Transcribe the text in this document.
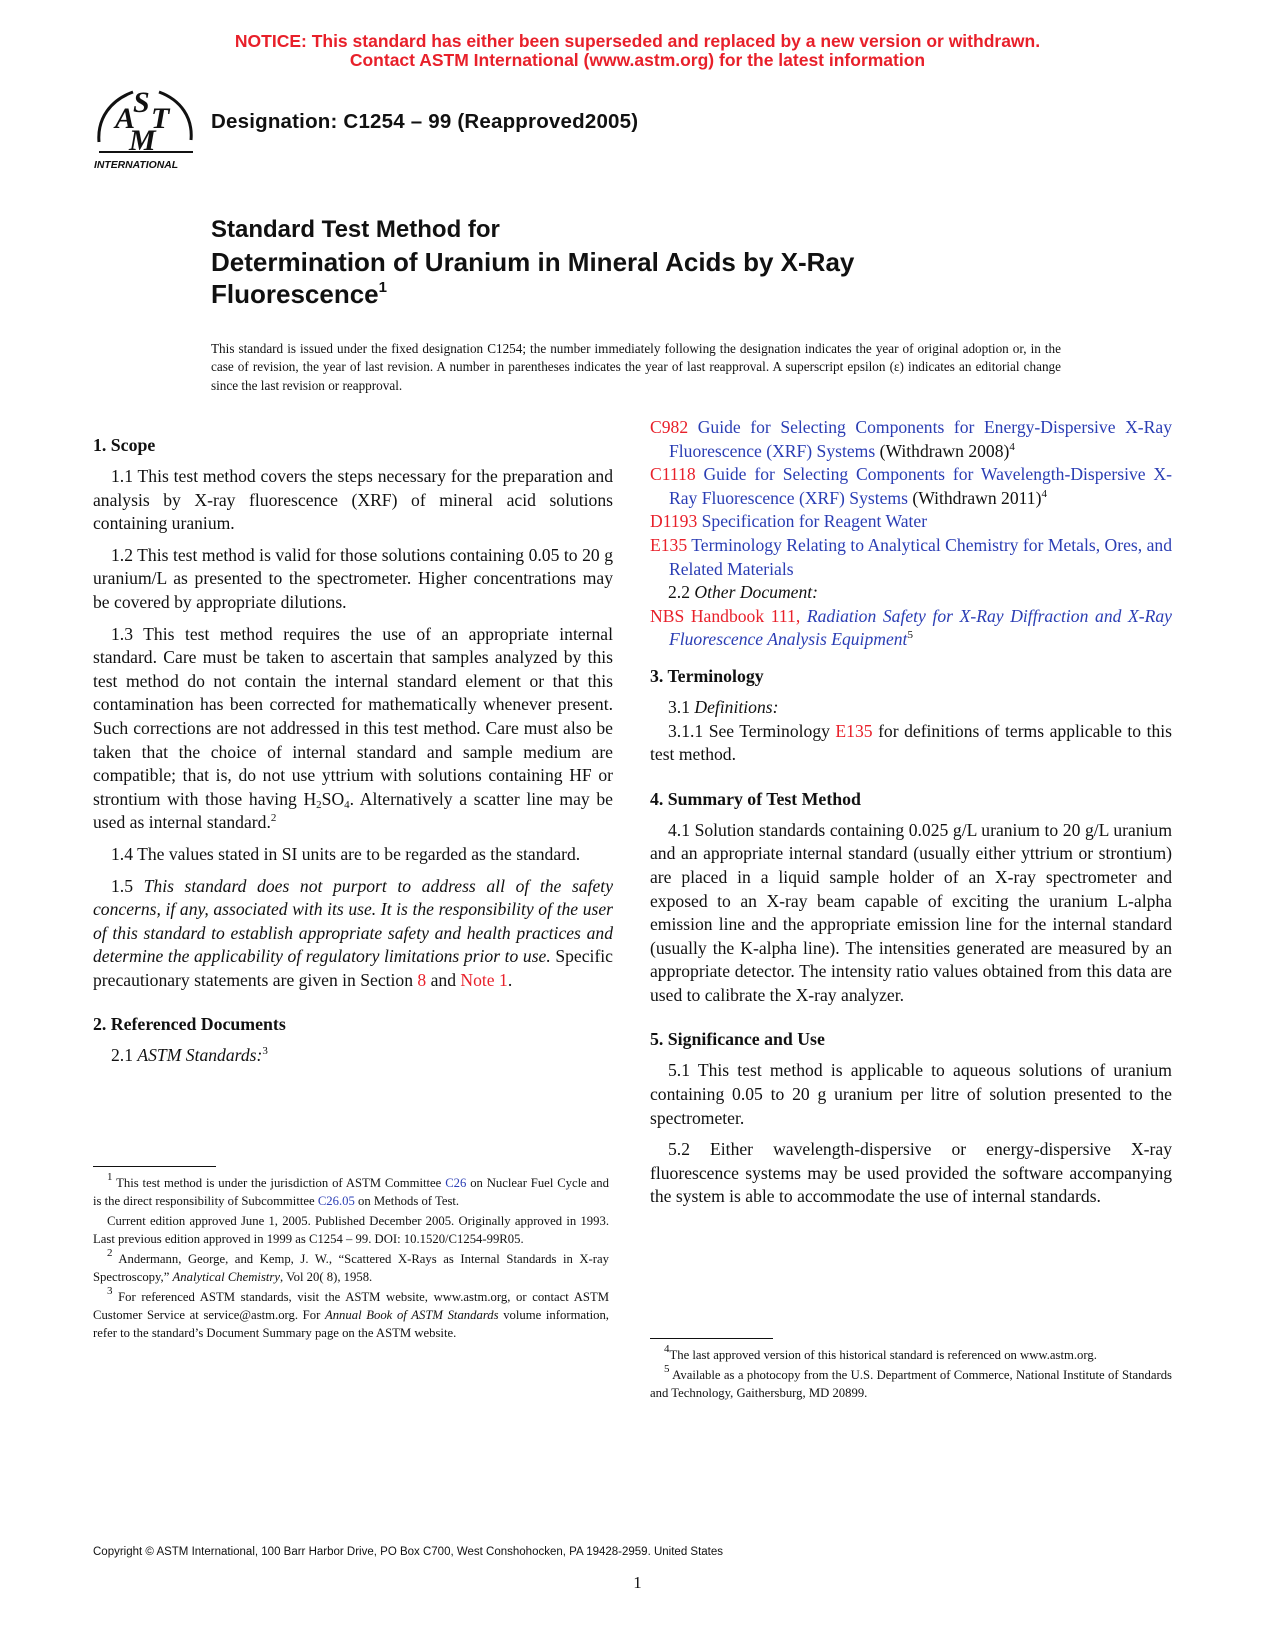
NOTICE: This standard has either been superseded and replaced by a new version or withdrawn.
Contact ASTM International (www.astm.org) for the latest information
A
S T
M
INTERNATIONAL
Designation: C1254 – 99 (Reapproved2005)
Standard Test Method for
Determination of Uranium in Mineral Acids by X-Ray Fluorescence$^1$
This standard is issued under the fixed designation C1254; the number immediately following the designation indicates the year of original adoption or, in the case of revision, the year of last revision. A number in parentheses indicates the year of last reapproval. A superscript epsilon (ε) indicates an editorial change since the last revision or reapproval.
1. Scope

1.1 This test method covers the steps necessary for the preparation and analysis by X-ray fluorescence (XRF) of mineral acid solutions containing uranium.

1.2 This test method is valid for those solutions containing 0.05 to 20 g uranium/L as presented to the spectrometer. Higher concentrations may be covered by appropriate dilutions.

1.3 This test method requires the use of an appropriate internal standard. Care must be taken to ascertain that samples analyzed by this test method do not contain the internal standard element or that this contamination has been corrected for mathematically whenever present. Such corrections are not addressed in this test method. Care must also be taken that the choice of internal standard and sample medium are compatible; that is, do not use yttrium with solutions containing HF or strontium with those having $H_2SO_4$. Alternatively a scatter line may be used as internal standard.$^2$

1.4 The values stated in SI units are to be regarded as the standard.

1.5 This standard does not purport to address all of the safety concerns, if any, associated with its use. It is the responsibility of the user of this standard to establish appropriate safety and health practices and determine the applicability of regulatory limitations prior to use. Specific precautionary statements are given in Section 8 and Note 1.

2. Referenced Documents

2.1 ASTM Standards:$^3$

C982 Guide for Selecting Components for Energy-Dispersive X-Ray Fluorescence (XRF) Systems (Withdrawn 2008)$^4$
C1118 Guide for Selecting Components for Wavelength-Dispersive X-Ray Fluorescence (XRF) Systems (Withdrawn 2011)$^4$
D1193 Specification for Reagent Water
E135 Terminology Relating to Analytical Chemistry for Metals, Ores, and Related Materials

2.2 Other Document:

NBS Handbook 111, Radiation Safety for X-Ray Diffraction and X-Ray Fluorescence Analysis Equipment$^5$
3. Terminology

3.1 Definitions:

3.1.1 See Terminology E135 for definitions of terms applicable to this test method.

4. Summary of Test Method

4.1 Solution standards containing 0.025 g/L uranium to 20 g/L uranium and an appropriate internal standard (usually either yttrium or strontium) are placed in a liquid sample holder of an X-ray spectrometer and exposed to an X-ray beam capable of exciting the uranium L-alpha emission line and the appropriate emission line for the internal standard (usually the K-alpha line). The intensities generated are measured by an appropriate detector. The intensity ratio values obtained from this data are used to calibrate the X-ray analyzer.

5. Significance and Use

5.1 This test method is applicable to aqueous solutions of uranium containing 0.05 to 20 g uranium per litre of solution presented to the spectrometer.

5.2 Either wavelength-dispersive or energy-dispersive X-ray fluorescence systems may be used provided the software accompanying the system is able to accommodate the use of internal standards.

$^1$ This test method is under the jurisdiction of ASTM Committee C26 on Nuclear Fuel Cycle and is the direct responsibility of Subcommittee C26.05 on Methods of Test.

Current edition approved June 1, 2005. Published December 2005. Originally approved in 1993. Last previous edition approved in 1999 as C1254 – 99. DOI: 10.1520/C1254-99R05.

$^2$ Andermann, George, and Kemp, J. W., “Scattered X-Rays as Internal Standards in X-ray Spectroscopy,” Analytical Chemistry, Vol 20( 8), 1958.

$^3$ For referenced ASTM standards, visit the ASTM website, www.astm.org, or contact ASTM Customer Service at service@astm.org. For Annual Book of ASTM Standards volume information, refer to the standard’s Document Summary page on the ASTM website.

$^4$The last approved version of this historical standard is referenced on www.astm.org.

$^5$ Available as a photocopy from the U.S. Department of Commerce, National Institute of Standards and Technology, Gaithersburg, MD 20899.

Copyright © ASTM International, 100 Barr Harbor Drive, PO Box C700, West Conshohocken, PA 19428-2959. United States
1
